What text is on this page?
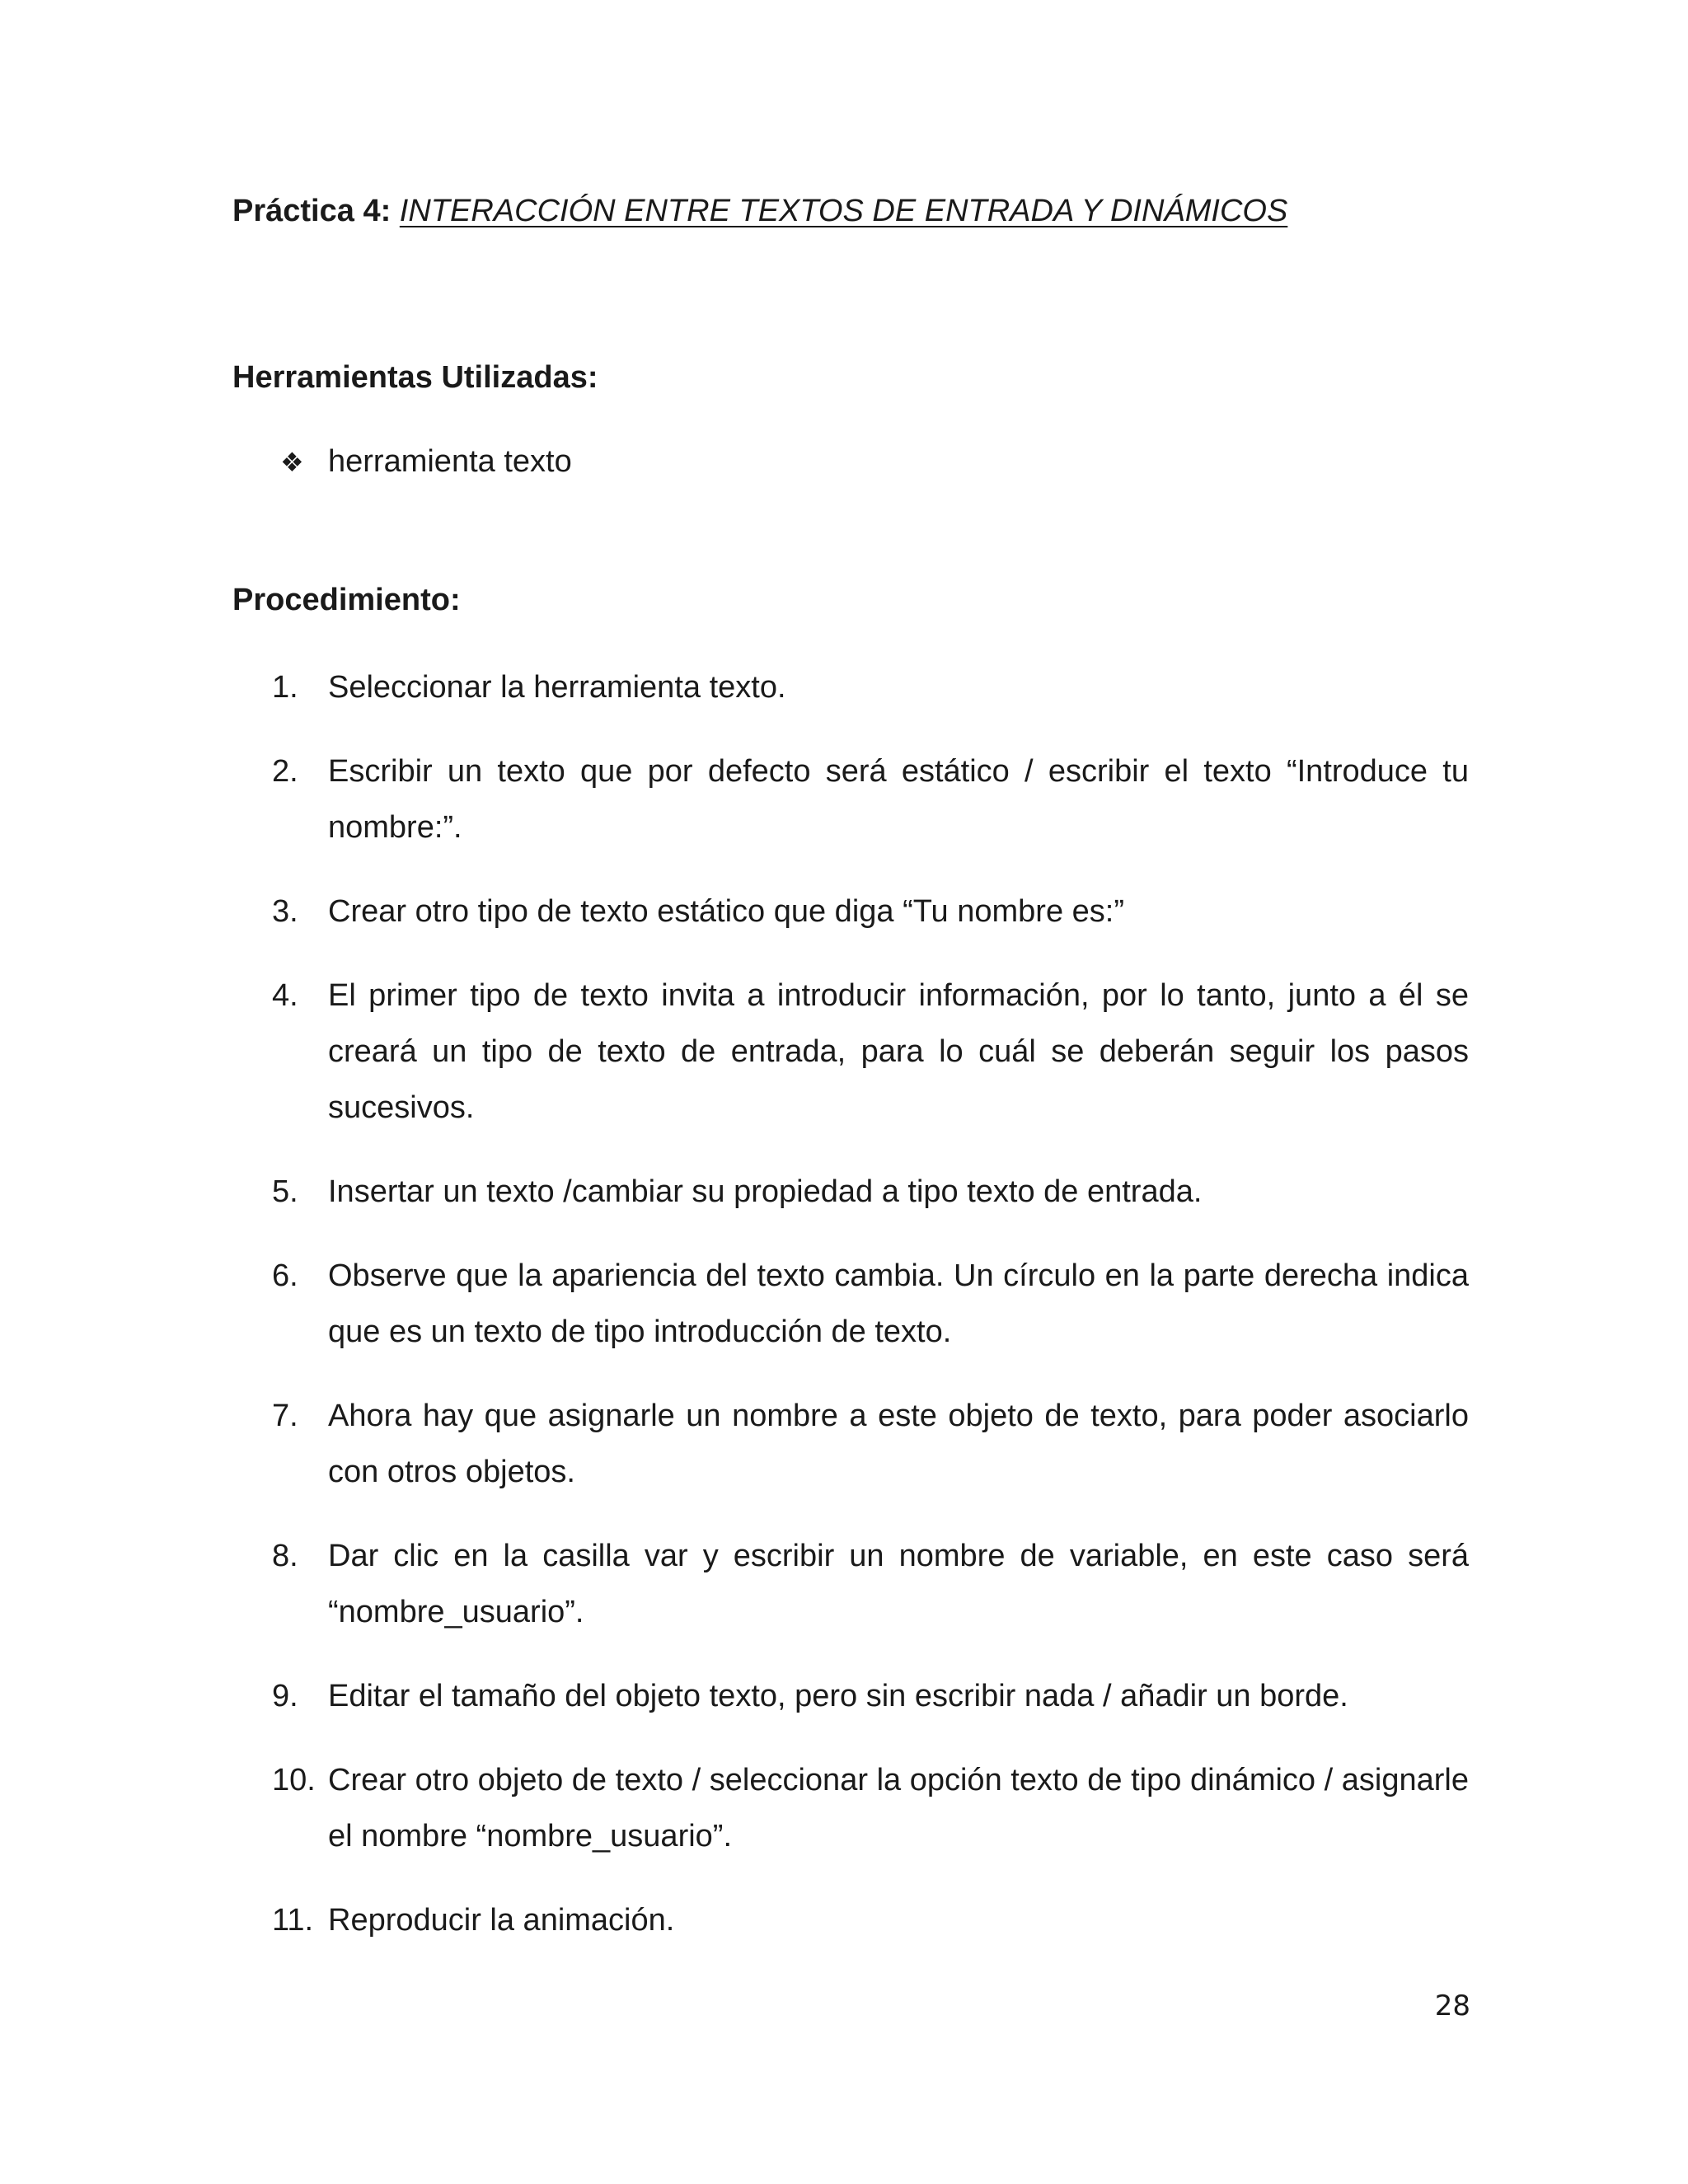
Práctica 4: INTERACCIÓN ENTRE TEXTOS DE ENTRADA Y DINÁMICOS
Herramientas Utilizadas:
❖ herramienta texto
Procedimiento:
1. Seleccionar la herramienta texto.
2. Escribir un texto que por defecto será estático / escribir el texto “Introduce tu nombre:”.
3. Crear otro tipo de texto estático que diga “Tu nombre es:”
4. El primer tipo de texto invita a introducir información, por lo tanto, junto a él se creará un tipo de texto de entrada, para lo cuál se deberán seguir los pasos sucesivos.
5. Insertar un texto /cambiar su propiedad a tipo texto de entrada.
6. Observe que la apariencia del texto cambia. Un círculo en la parte derecha indica que es un texto de tipo introducción de texto.
7. Ahora hay que asignarle un nombre a este objeto de texto, para poder asociarlo con otros objetos.
8. Dar clic en la casilla var y escribir un nombre de variable, en este caso será “nombre_usuario”.
9. Editar el tamaño del objeto texto, pero sin escribir nada / añadir un borde.
10. Crear otro objeto de texto / seleccionar la opción texto de tipo dinámico / asignarle el nombre “nombre_usuario”.
11. Reproducir la animación.
28
